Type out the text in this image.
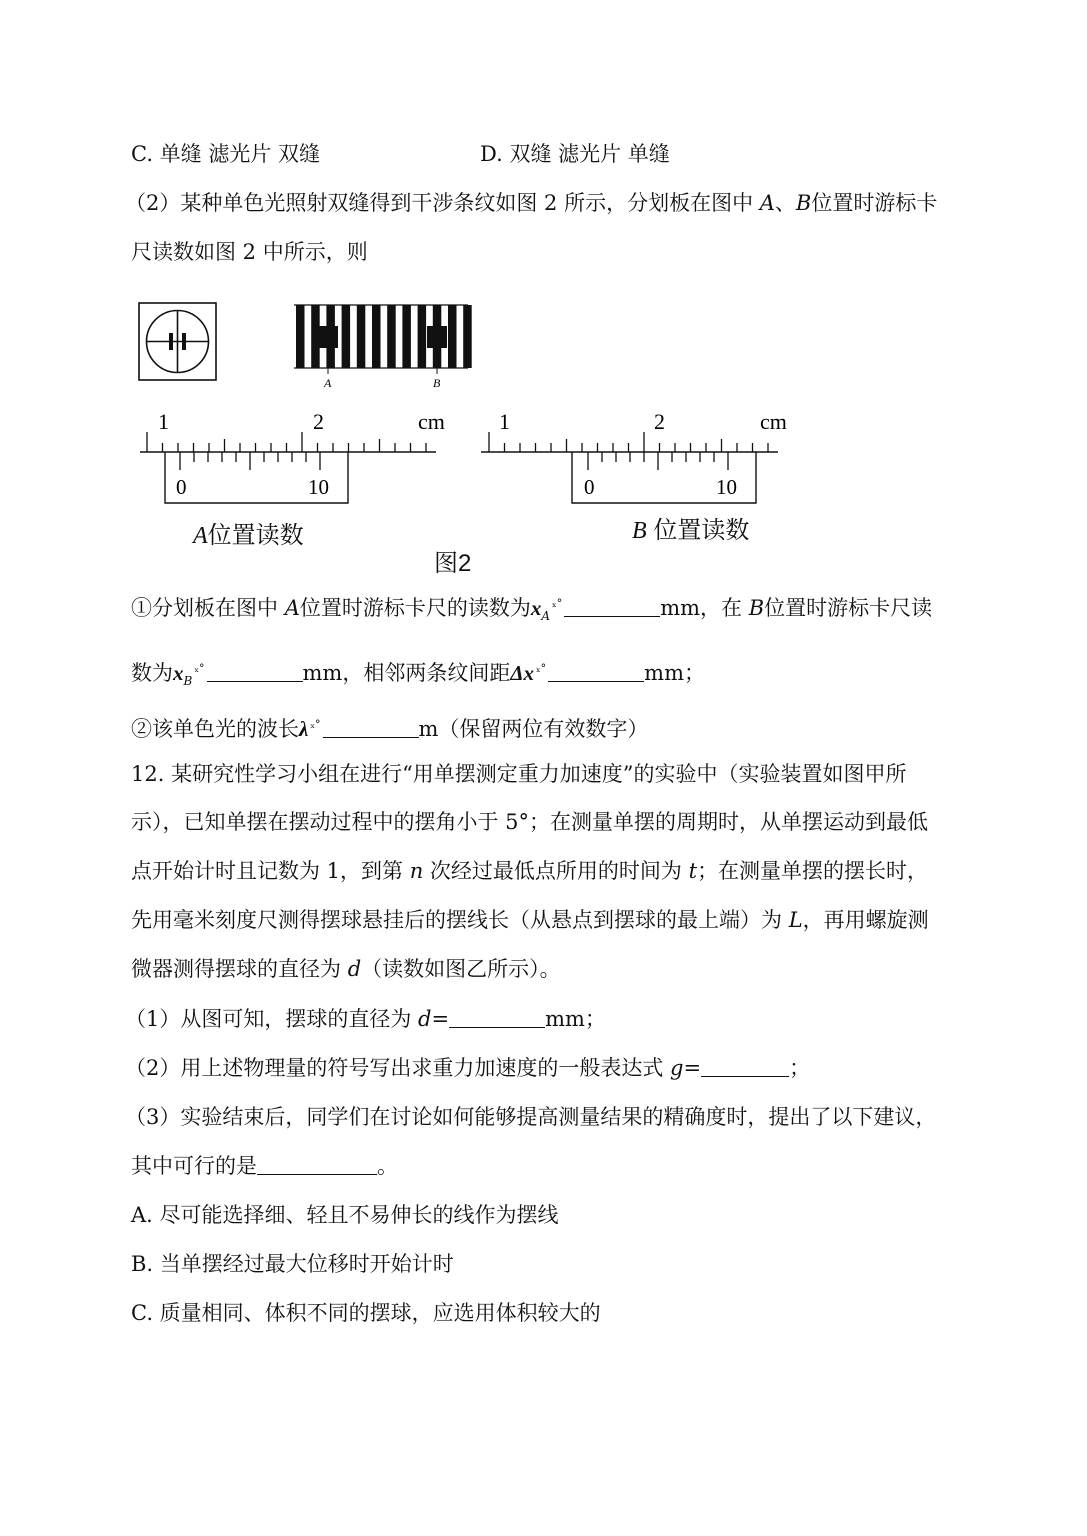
C. 单缝 滤光片 双缝	D. 双缝 滤光片 单缝
（2）某种单色光照射双缝得到干涉条纹如图 2 所示，分划板在图中 A、B位置时游标卡
尺读数如图 2 中所示，则
A	B
1	2	cm
0	10
1	2	cm
0	10
A位置读数	B 位置读数
图2
①分划板在图中 A位置时游标卡尺的读数为$x_A^{_x^\circ}$	mm，在 B位置时游标卡尺读
数为$x_B^{_x^\circ}$	mm，相邻两条纹间距Δx $^{_x^\circ}$	mm；
②该单色光的波长λ $^{_x^\circ}$	m（保留两位有效数字）
12. 某研究性学习小组在进行“用单摆测定重力加速度”的实验中（实验装置如图甲所
示），已知单摆在摆动过程中的摆角小于 5°；在测量单摆的周期时，从单摆运动到最低
点开始计时且记数为 1，到第 n 次经过最低点所用的时间为 t；在测量单摆的摆长时，
先用毫米刻度尺测得摆球悬挂后的摆线长（从悬点到摆球的最上端）为 L，再用螺旋测
微器测得摆球的直径为 d（读数如图乙所示）。
（1）从图可知，摆球的直径为 d=	mm；
（2）用上述物理量的符号写出求重力加速度的一般表达式 g=	；
（3）实验结束后，同学们在讨论如何能够提高测量结果的精确度时，提出了以下建议，
其中可行的是	。
A. 尽可能选择细、轻且不易伸长的线作为摆线
B. 当单摆经过最大位移时开始计时
C. 质量相同、体积不同的摆球，应选用体积较大的
